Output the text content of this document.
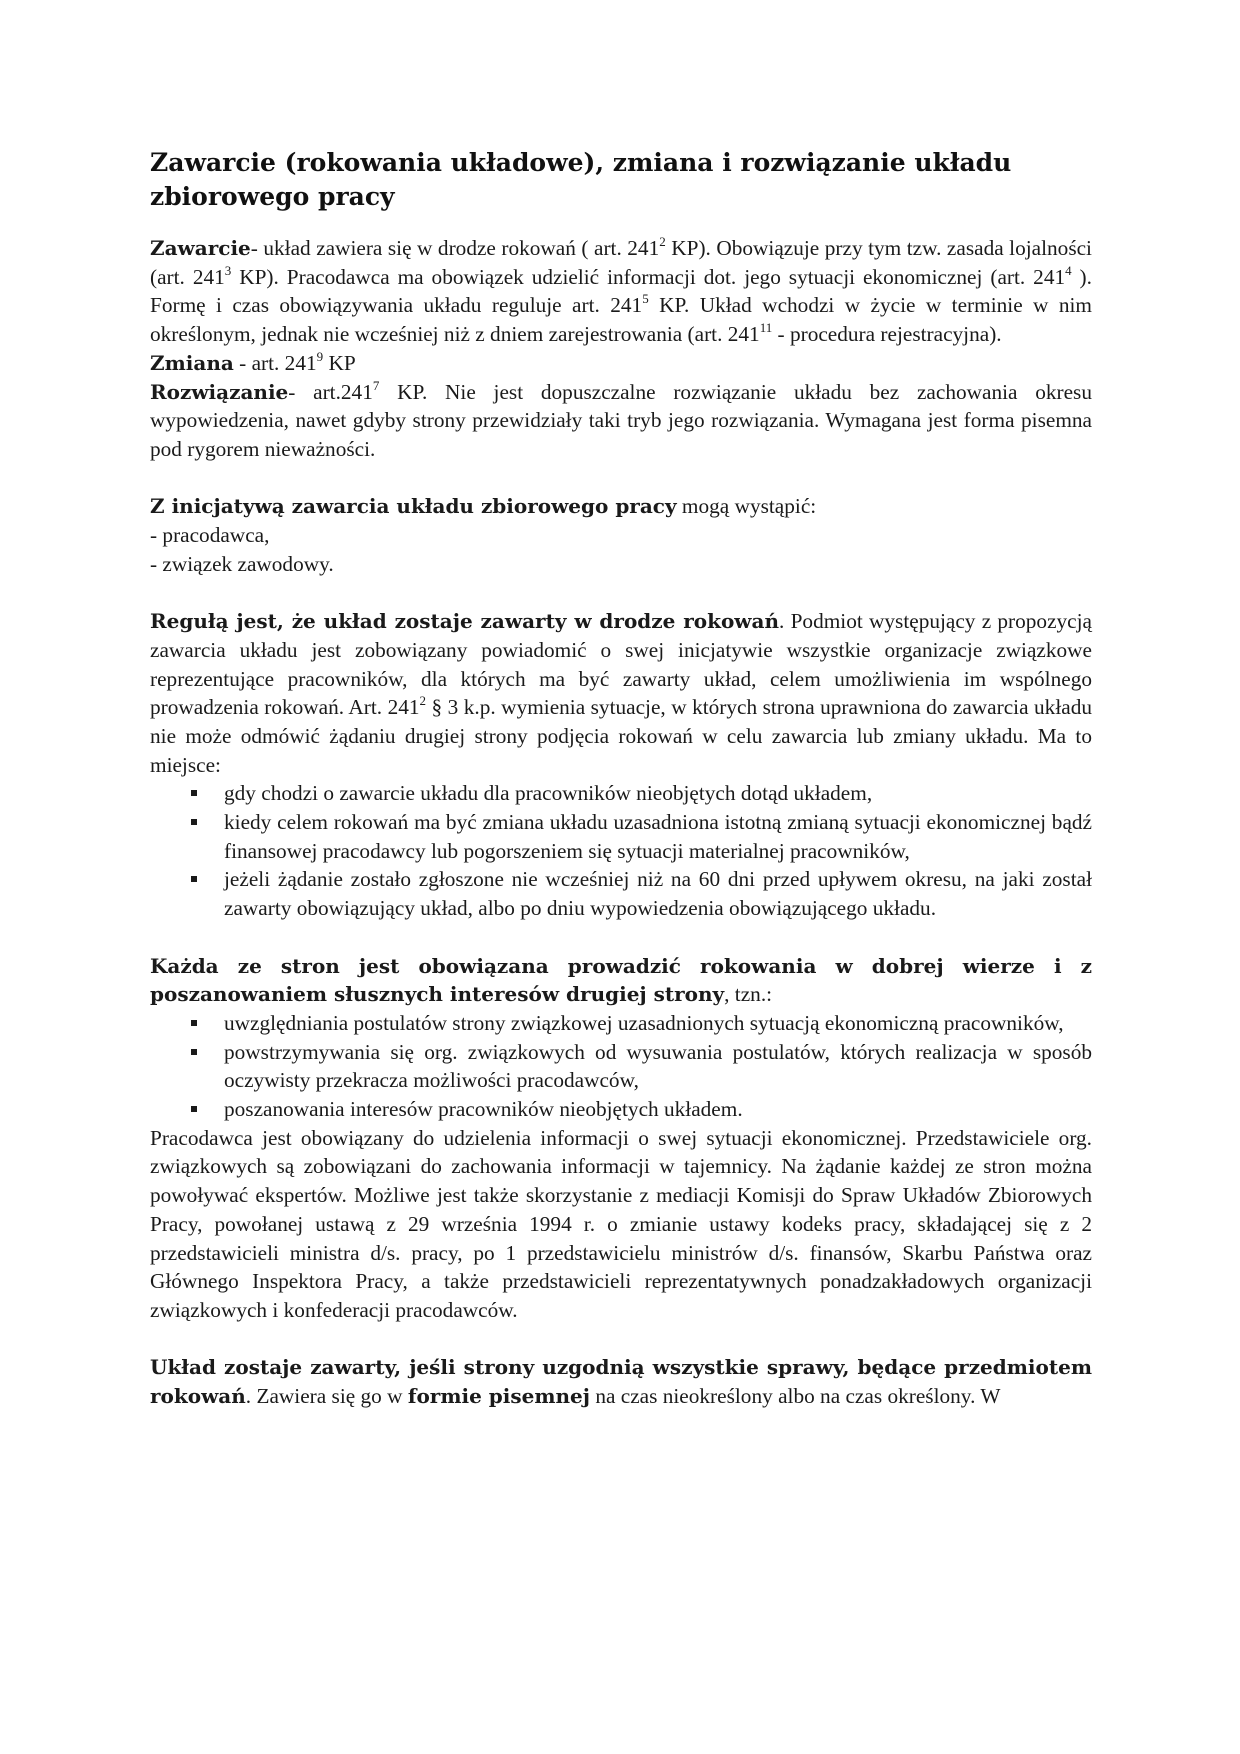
Zawarcie (rokowania układowe), zmiana i rozwiązanie układu zbiorowego pracy

Zawarcie- układ zawiera się w drodze rokowań ( art. $241^2$ KP). Obowiązuje przy tym tzw. zasada lojalności (art. $241^3$ KP). Pracodawca ma obowiązek udzielić informacji dot. jego sytuacji ekonomicznej (art. $241^4$ ). Formę i czas obowiązywania układu reguluje art. $241^5$ KP. Układ wchodzi w życie w terminie w nim określonym, jednak nie wcześniej niż z dniem zarejestrowania (art. $241^{11}$ - procedura rejestracyjna).

Zmiana - art. $241^9$ KP

Rozwiązanie- art.241$^7$ KP. Nie jest dopuszczalne rozwiązanie układu bez zachowania okresu wypowiedzenia, nawet gdyby strony przewidziały taki tryb jego rozwiązania. Wymagana jest forma pisemna pod rygorem nieważności.

Z inicjatywą zawarcia układu zbiorowego pracy mogą wystąpić:

- pracodawca,

- związek zawodowy.

Regułą jest, że układ zostaje zawarty w drodze rokowań. Podmiot występujący z propozycją zawarcia układu jest zobowiązany powiadomić o swej inicjatywie wszystkie organizacje związkowe reprezentujące pracowników, dla których ma być zawarty układ, celem umożliwienia im wspólnego prowadzenia rokowań. Art. $241^2$ § 3 k.p. wymienia sytuacje, w których strona uprawniona do zawarcia układu nie może odmówić żądaniu drugiej strony podjęcia rokowań w celu zawarcia lub zmiany układu. Ma to miejsce:

gdy chodzi o zawarcie układu dla pracowników nieobjętych dotąd układem,
kiedy celem rokowań ma być zmiana układu uzasadniona istotną zmianą sytuacji ekonomicznej bądź finansowej pracodawcy lub pogorszeniem się sytuacji materialnej pracowników,
jeżeli żądanie zostało zgłoszone nie wcześniej niż na 60 dni przed upływem okresu, na jaki został zawarty obowiązujący układ, albo po dniu wypowiedzenia obowiązującego układu.

Każda ze stron jest obowiązana prowadzić rokowania w dobrej wierze i z poszanowaniem słusznych interesów drugiej strony, tzn.:

uwzględniania postulatów strony związkowej uzasadnionych sytuacją ekonomiczną pracowników,
powstrzymywania się org. związkowych od wysuwania postulatów, których realizacja w sposób oczywisty przekracza możliwości pracodawców,
poszanowania interesów pracowników nieobjętych układem.

Pracodawca jest obowiązany do udzielenia informacji o swej sytuacji ekonomicznej. Przedstawiciele org. związkowych są zobowiązani do zachowania informacji w tajemnicy. Na żądanie każdej ze stron można powoływać ekspertów. Możliwe jest także skorzystanie z mediacji Komisji do Spraw Układów Zbiorowych Pracy, powołanej ustawą z 29 września 1994 r. o zmianie ustawy kodeks pracy, składającej się z 2 przedstawicieli ministra d/s. pracy, po 1 przedstawicielu ministrów d/s. finansów, Skarbu Państwa oraz Głównego Inspektora Pracy, a także przedstawicieli reprezentatywnych ponadzakładowych organizacji związkowych i konfederacji pracodawców.

Układ zostaje zawarty, jeśli strony uzgodnią wszystkie sprawy, będące przedmiotem rokowań. Zawiera się go w formie pisemnej na czas nieokreślony albo na czas określony. W
